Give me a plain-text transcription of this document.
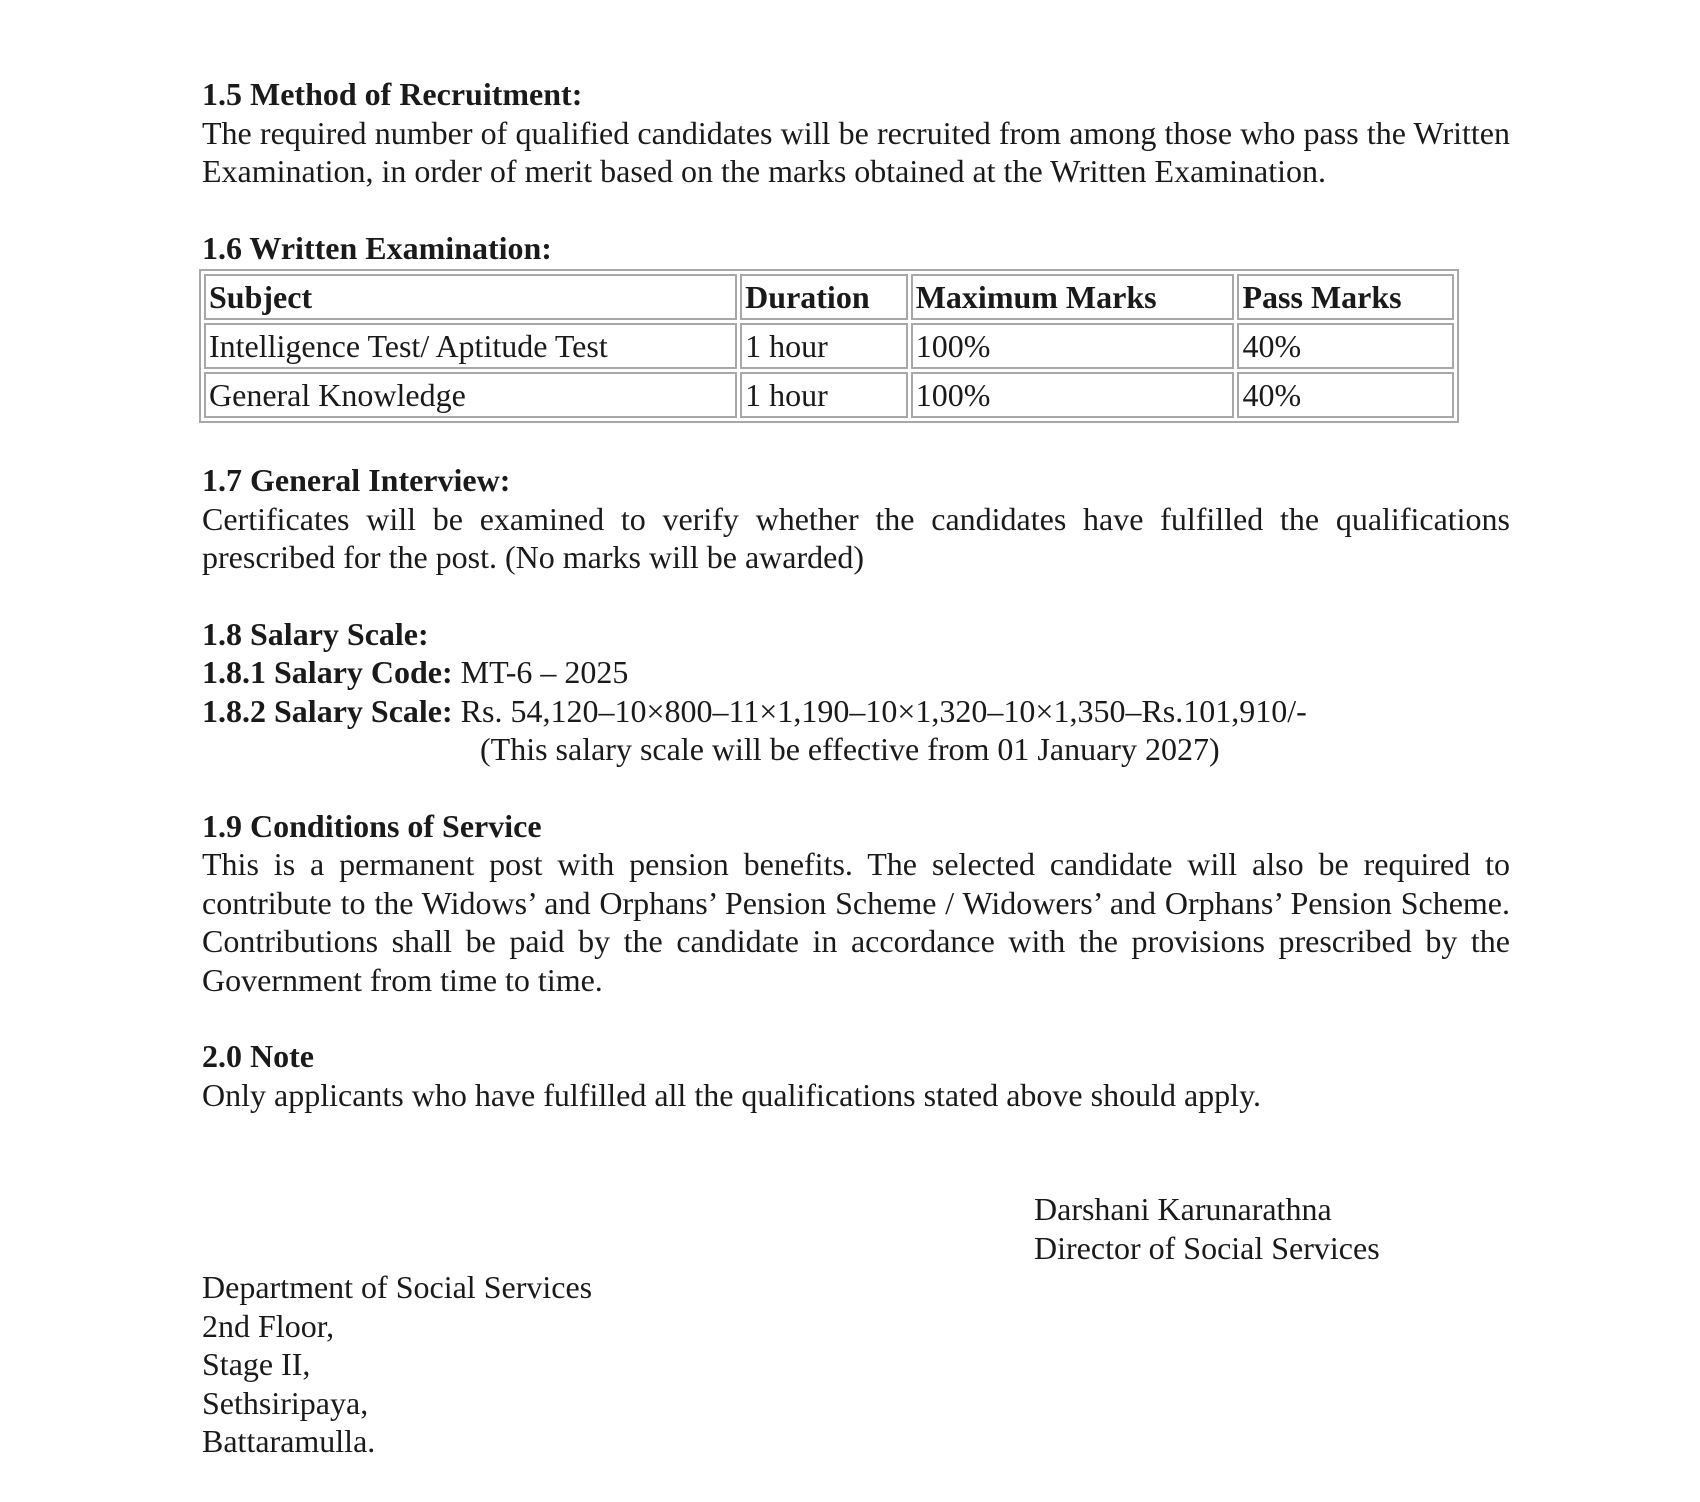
1.5 Method of Recruitment:
The required number of qualified candidates will be recruited from among those who pass the Written Examination, in order of merit based on the marks obtained at the Written Examination.
1.6 Written Examination:
Subject	Duration	Maximum Marks	Pass Marks
Intelligence Test/ Aptitude Test	1 hour	100%	40%
General Knowledge	1 hour	100%	40%
1.7 General Interview:
Certificates will be examined to verify whether the candidates have fulfilled the qualifications prescribed for the post. (No marks will be awarded)
1.8 Salary Scale:
1.8.1 Salary Code: MT-6 – 2025
1.8.2 Salary Scale: Rs. 54,120–10×800–11×1,190–10×1,320–10×1,350–Rs.101,910/-
(This salary scale will be effective from 01 January 2027)
1.9 Conditions of Service
This is a permanent post with pension benefits. The selected candidate will also be required to contribute to the Widows’ and Orphans’ Pension Scheme / Widowers’ and Orphans’ Pension Scheme. Contributions shall be paid by the candidate in accordance with the provisions prescribed by the Government from time to time.
2.0 Note
Only applicants who have fulfilled all the qualifications stated above should apply.
Darshani Karunarathna
Director of Social Services
Department of Social Services
2nd Floor,
Stage II,
Sethsiripaya,
Battaramulla.
